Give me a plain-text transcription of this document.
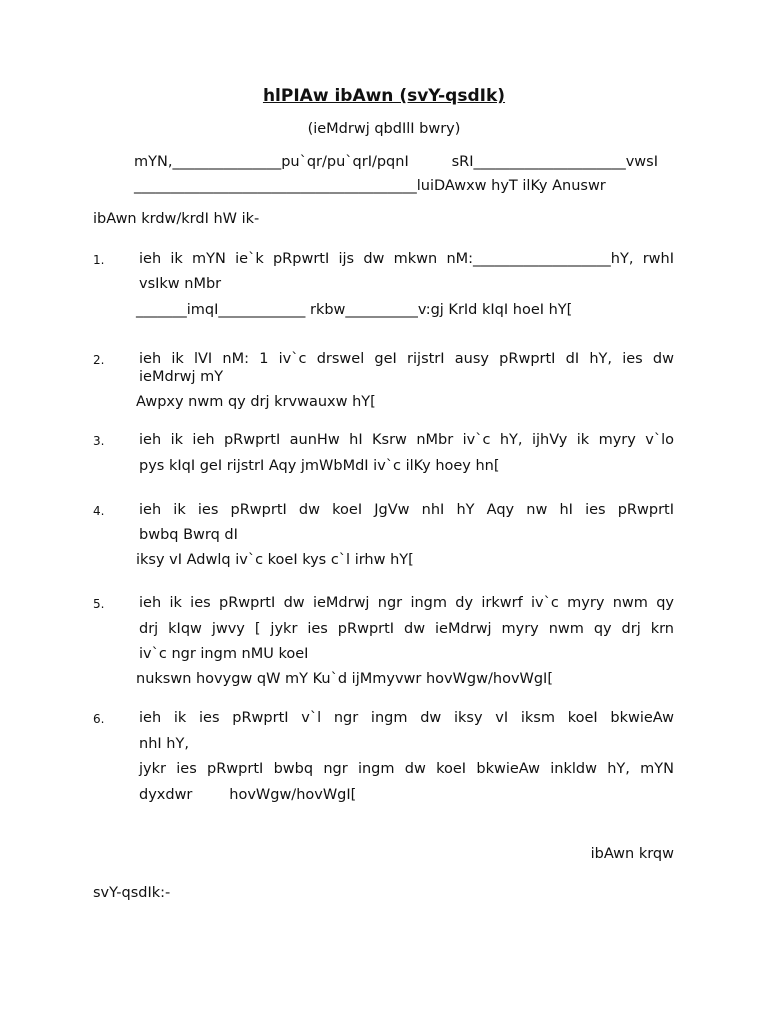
hlPIAw ibAwn (svY-qsdIk)
(ieMdrwj qbdIlI bwry)
mYN,_______________pu`qr/pu`qrI/pqnI sRI_____________________vwsI
_______________________________________luiDAwxw hyT ilKy Anuswr
ibAwn krdw/krdI hW ik-
1. ieh ik mYN ie`k pRpwrtI ijs dw mkwn nM:___________________hY, rwhI
vsIkw nMbr
_______imqI____________ rkbw__________v:gj KrId kIqI hoeI hY[
2. ieh ik lVI nM: 1 iv`c drswel geI rijstrI ausy pRwprtI dI hY, ies dw
ieMdrwj mY
Awpxy nwm qy drj krvwauxw hY[
3. ieh ik ieh pRwprtI aunHw hI Ksrw nMbr iv`c hY, ijhVy ik myry v`lo
pys kIqI geI rijstrI Aqy jmWbMdI iv`c ilKy hoey hn[
4. ieh ik ies pRwprtI dw koeI JgVw nhI hY Aqy nw hI ies pRwprtI
bwbq Bwrq dI
iksy vI Adwlq iv`c koeI kys c`l irhw hY[
5. ieh ik ies pRwprtI dw ieMdrwj ngr ingm dy irkwrf iv`c myry nwm qy
drj kIqw jwvy [ jykr ies pRwprtI dw ieMdrwj myry nwm qy drj krn
iv`c ngr ingm nMU koeI
nukswn hovygw qW mY Ku`d ijMmyvwr hovWgw/hovWgI[
6. ieh ik ies pRwprtI v`l ngr ingm dw iksy vI iksm koeI bkwieAw
nhI hY,
jykr ies pRwprtI bwbq ngr ingm dw koeI bkwieAw inkldw hY, mYN
dyxdwr        hovWgw/hovWgI[
ibAwn krqw
svY-qsdIk:-
